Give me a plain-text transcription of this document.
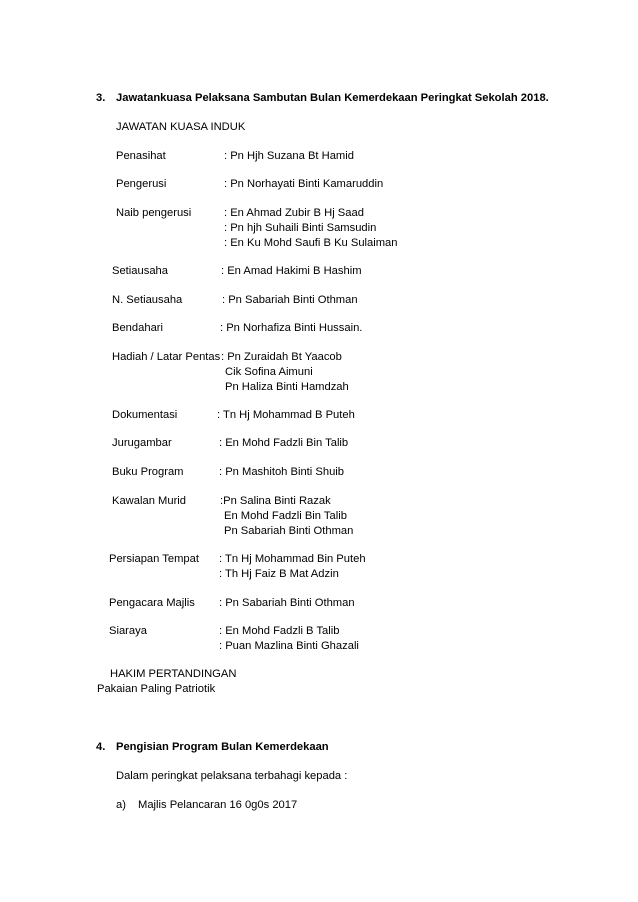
3. Jawatankuasa Pelaksana Sambutan Bulan Kemerdekaan Peringkat Sekolah 2018.
JAWATAN KUASA INDUK
Penasihat	: Pn Hjh Suzana Bt Hamid
Pengerusi	: Pn Norhayati Binti Kamaruddin
Naib pengerusi	: En Ahmad Zubir B Hj Saad
: Pn hjh Suhaili Binti Samsudin
: En Ku Mohd Saufi B Ku Sulaiman
Setiausaha	: En Amad Hakimi B Hashim
N. Setiausaha	: Pn Sabariah Binti Othman
Bendahari	: Pn Norhafiza Binti Hussain.
Hadiah / Latar Pentas : Pn Zuraidah Bt Yaacob
Cik Sofina Aimuni
Pn Haliza Binti Hamdzah
Dokumentasi	: Tn Hj Mohammad B Puteh
Jurugambar	: En Mohd Fadzli Bin Talib
Buku Program	: Pn Mashitoh Binti Shuib
Kawalan Murid	:Pn Salina Binti Razak
En Mohd Fadzli Bin Talib
Pn Sabariah Binti Othman
Persiapan Tempat : Tn Hj Mohammad Bin Puteh
: Th Hj Faiz B Mat Adzin
Pengacara Majlis : Pn Sabariah Binti Othman
Siaraya	: En Mohd Fadzli B Talib
: Puan Mazlina Binti Ghazali
HAKIM PERTANDINGAN
Pakaian Paling Patriotik
4. Pengisian Program Bulan Kemerdekaan
Dalam peringkat pelaksana terbahagi kepada :
a) Majlis Pelancaran 16 0g0s 2017
